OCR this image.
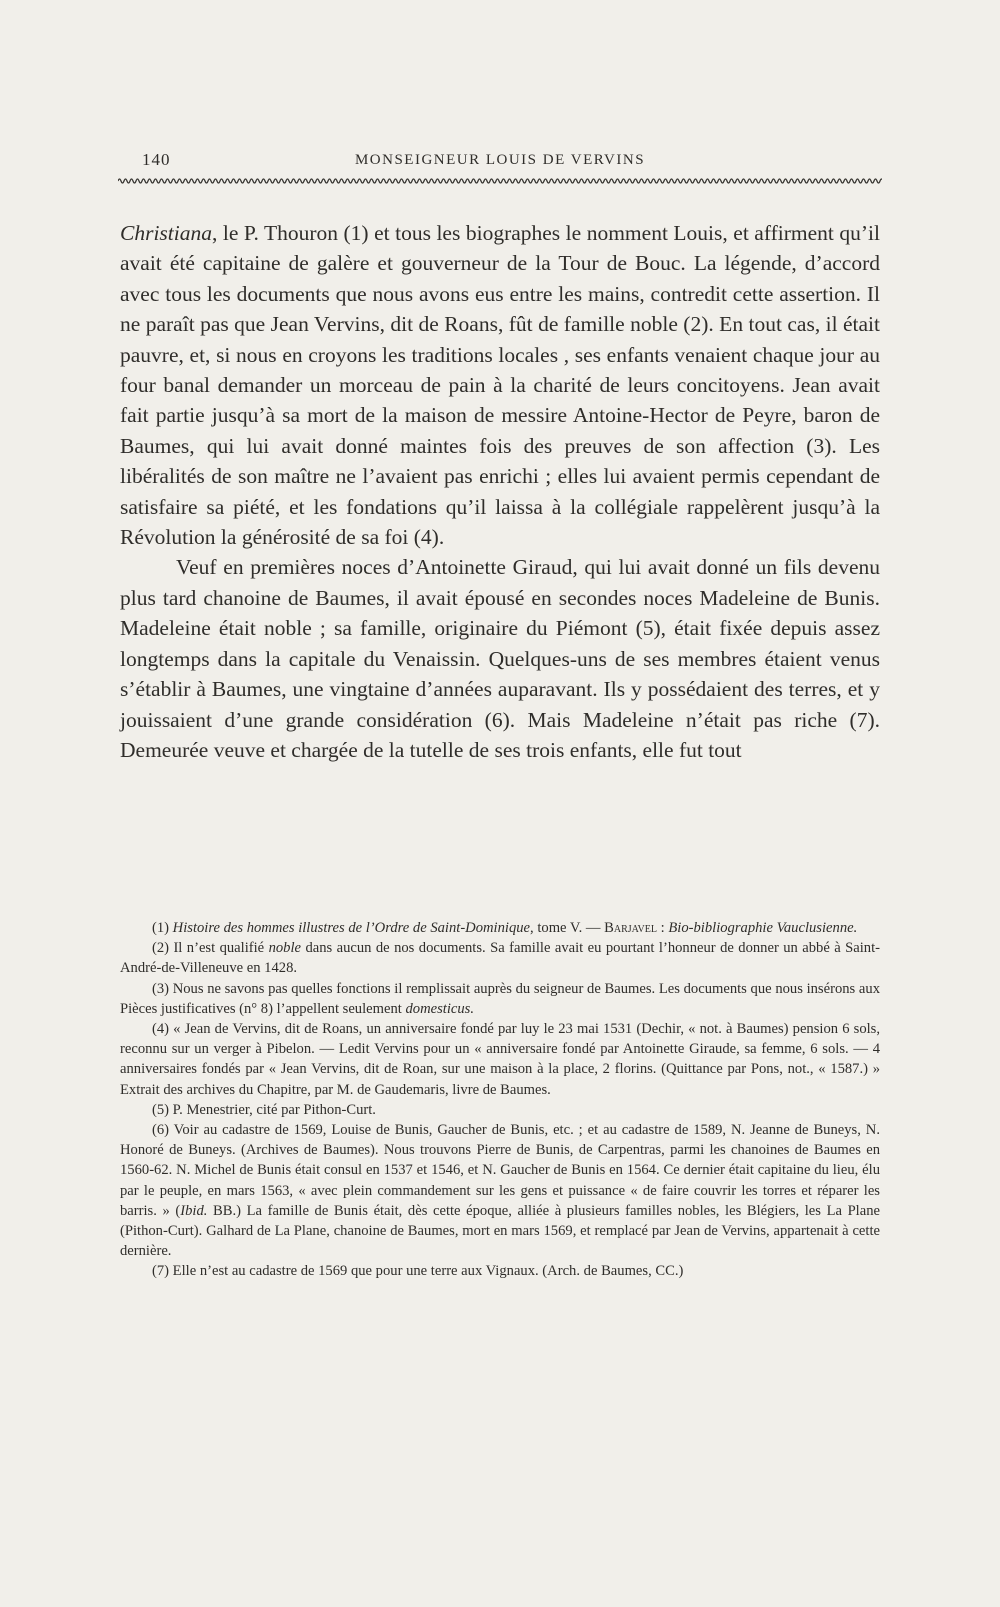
140	MONSEIGNEUR LOUIS DE VERVINS

Christiana, le P. Thouron (1) et tous les biographes le nomment Louis, et affirment qu’il avait été capitaine de galère et gouverneur de la Tour de Bouc. La légende, d’accord avec tous les documents que nous avons eus entre les mains, contredit cette assertion. Il ne paraît pas que Jean Vervins, dit de Roans, fût de famille noble (2). En tout cas, il était pauvre, et, si nous en croyons les traditions locales , ses enfants venaient chaque jour au four banal demander un morceau de pain à la charité de leurs concitoyens. Jean avait fait partie jusqu’à sa mort de la maison de messire Antoine-Hector de Peyre, baron de Baumes, qui lui avait donné maintes fois des preuves de son affection (3). Les libéralités de son maître ne l’avaient pas enrichi ; elles lui avaient permis cependant de satisfaire sa piété, et les fondations qu’il laissa à la collégiale rappelèrent jusqu’à la Révolution la générosité de sa foi (4).

Veuf en premières noces d’Antoinette Giraud, qui lui avait donné un fils devenu plus tard chanoine de Baumes, il avait épousé en secondes noces Madeleine de Bunis. Madeleine était noble ; sa famille, originaire du Piémont (5), était fixée depuis assez longtemps dans la capitale du Venaissin. Quelques-uns de ses membres étaient venus s’établir à Baumes, une vingtaine d’années auparavant. Ils y possédaient des terres, et y jouissaient d’une grande considération (6). Mais Madeleine n’était pas riche (7). Demeurée veuve et chargée de la tutelle de ses trois enfants, elle fut tout

(1) Histoire des hommes illustres de l’Ordre de Saint-Dominique, tome V. — Barjavel : Bio-bibliographie Vauclusienne.

(2) Il n’est qualifié noble dans aucun de nos documents. Sa famille avait eu pourtant l’honneur de donner un abbé à Saint-André-de-Villeneuve en 1428.

(3) Nous ne savons pas quelles fonctions il remplissait auprès du seigneur de Baumes. Les documents que nous insérons aux Pièces justificatives (n° 8) l’appellent seulement domesticus.

(4) « Jean de Vervins, dit de Roans, un anniversaire fondé par luy le 23 mai 1531 (Dechir, « not. à Baumes) pension 6 sols, reconnu sur un verger à Pibelon. — Ledit Vervins pour un « anniversaire fondé par Antoinette Giraude, sa femme, 6 sols. — 4 anniversaires fondés par « Jean Vervins, dit de Roan, sur une maison à la place, 2 florins. (Quittance par Pons, not., « 1587.) » Extrait des archives du Chapitre, par M. de Gaudemaris, livre de Baumes.

(5) P. Menestrier, cité par Pithon-Curt.

(6) Voir au cadastre de 1569, Louise de Bunis, Gaucher de Bunis, etc. ; et au cadastre de 1589, N. Jeanne de Buneys, N. Honoré de Buneys. (Archives de Baumes). Nous trouvons Pierre de Bunis, de Carpentras, parmi les chanoines de Baumes en 1560-62. N. Michel de Bunis était consul en 1537 et 1546, et N. Gaucher de Bunis en 1564. Ce dernier était capitaine du lieu, élu par le peuple, en mars 1563, « avec plein commandement sur les gens et puissance « de faire couvrir les torres et réparer les barris. » (Ibid. BB.) La famille de Bunis était, dès cette époque, alliée à plusieurs familles nobles, les Blégiers, les La Plane (Pithon-Curt). Galhard de La Plane, chanoine de Baumes, mort en mars 1569, et remplacé par Jean de Vervins, appartenait à cette dernière.

(7) Elle n’est au cadastre de 1569 que pour une terre aux Vignaux. (Arch. de Baumes, CC.)
